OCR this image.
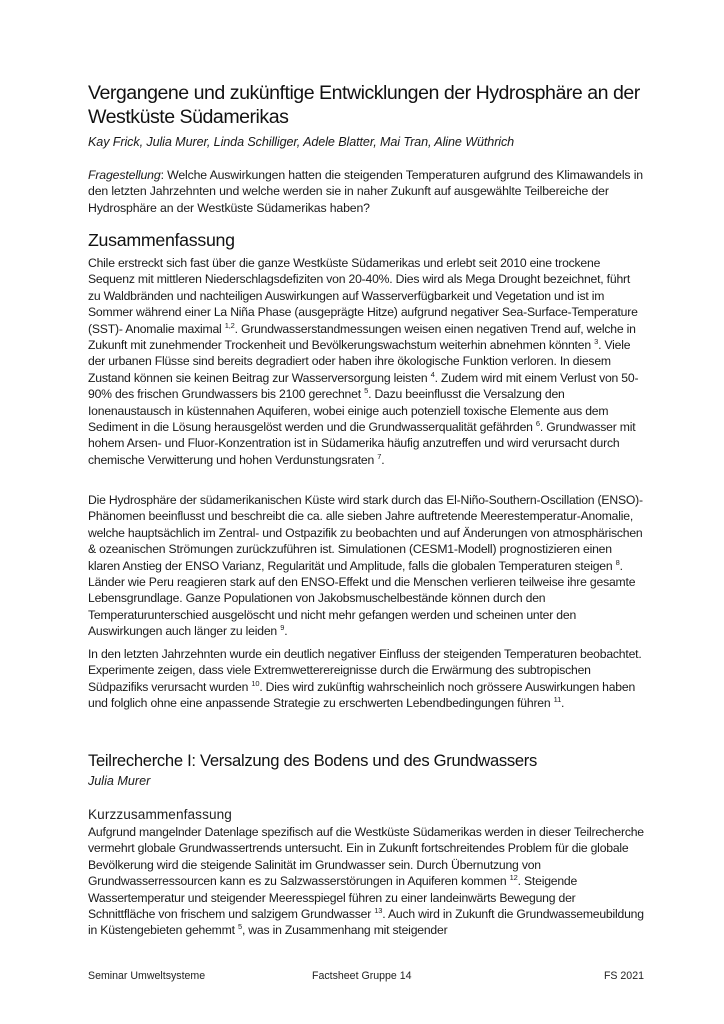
Vergangene und zukünftige Entwicklungen der Hydrosphäre an der Westküste Südamerikas
Kay Frick, Julia Murer, Linda Schilliger, Adele Blatter, Mai Tran, Aline Wüthrich

Fragestellung: Welche Auswirkungen hatten die steigenden Temperaturen aufgrund des Klimawandels in den letzten Jahrzehnten und welche werden sie in naher Zukunft auf ausgewählte Teilbereiche der Hydrosphäre an der Westküste Südamerikas haben?

Zusammenfassung

Chile erstreckt sich fast über die ganze Westküste Südamerikas und erlebt seit 2010 eine trockene Sequenz mit mittleren Niederschlagsdefiziten von 20-40%. Dies wird als Mega Drought bezeichnet, führt zu Waldbränden und nachteiligen Auswirkungen auf Wasserverfügbarkeit und Vegetation und ist im Sommer während einer La Niña Phase (ausgeprägte Hitze) aufgrund negativer Sea-Surface-Temperature (SST)- Anomalie maximal $^{1,2}$. Grundwasserstandmessungen weisen einen negativen Trend auf, welche in Zukunft mit zunehmender Trockenheit und Bevölkerungswachstum weiterhin abnehmen könnten $^3$. Viele der urbanen Flüsse sind bereits degradiert oder haben ihre ökologische Funktion verloren. In diesem Zustand können sie keinen Beitrag zur Wasserversorgung leisten $^4$. Zudem wird mit einem Verlust von 50-90% des frischen Grundwassers bis 2100 gerechnet $^5$. Dazu beeinflusst die Versalzung den Ionenaustausch in küstennahen Aquiferen, wobei einige auch potenziell toxische Elemente aus dem Sediment in die Lösung herausgelöst werden und die Grundwasserqualität gefährden $^6$. Grundwasser mit hohem Arsen- und Fluor-Konzentration ist in Südamerika häufig anzutreffen und wird verursacht durch chemische Verwitterung und hohen Verdunstungsraten $^7$.

Die Hydrosphäre der südamerikanischen Küste wird stark durch das El-Niño-Southern-Oscillation (ENSO)-Phänomen beeinflusst und beschreibt die ca. alle sieben Jahre auftretende Meerestemperatur-Anomalie, welche hauptsächlich im Zentral- und Ostpazifik zu beobachten und auf Änderungen von atmosphärischen & ozeanischen Strömungen zurückzuführen ist. Simulationen (CESM1-Modell) prognostizieren einen klaren Anstieg der ENSO Varianz, Regularität und Amplitude, falls die globalen Temperaturen steigen $^8$. Länder wie Peru reagieren stark auf den ENSO-Effekt und die Menschen verlieren teilweise ihre gesamte Lebensgrundlage. Ganze Populationen von Jakobsmuschelbestände können durch den Temperaturunterschied ausgelöscht und nicht mehr gefangen werden und scheinen unter den Auswirkungen auch länger zu leiden $^9$.

In den letzten Jahrzehnten wurde ein deutlich negativer Einfluss der steigenden Temperaturen beobachtet. Experimente zeigen, dass viele Extremwetterereignisse durch die Erwärmung des subtropischen Südpazifiks verursacht wurden $^{10}$. Dies wird zukünftig wahrscheinlich noch grössere Auswirkungen haben und folglich ohne eine anpassende Strategie zu erschwerten Lebendbedingungen führen $^{11}$.

Teilrecherche I: Versalzung des Bodens und des Grundwassers
Julia Murer
Kurzzusammenfassung

Aufgrund mangelnder Datenlage spezifisch auf die Westküste Südamerikas werden in dieser Teilrecherche vermehrt globale Grundwassertrends untersucht. Ein in Zukunft fortschreitendes Problem für die globale Bevölkerung wird die steigende Salinität im Grundwasser sein. Durch Übernutzung von Grundwasserressourcen kann es zu Salzwasserstörungen in Aquiferen kommen $^{12}$. Steigende Wassertemperatur und steigender Meeresspiegel führen zu einer landeinwärts Bewegung der Schnittfläche von frischem und salzigem Grundwasser $^{13}$. Auch wird in Zukunft die Grundwassemeubildung in Küstengebieten gehemmt $^5$, was in Zusammenhang mit steigender

Seminar Umweltsysteme	Factsheet Gruppe 14	FS 2021
